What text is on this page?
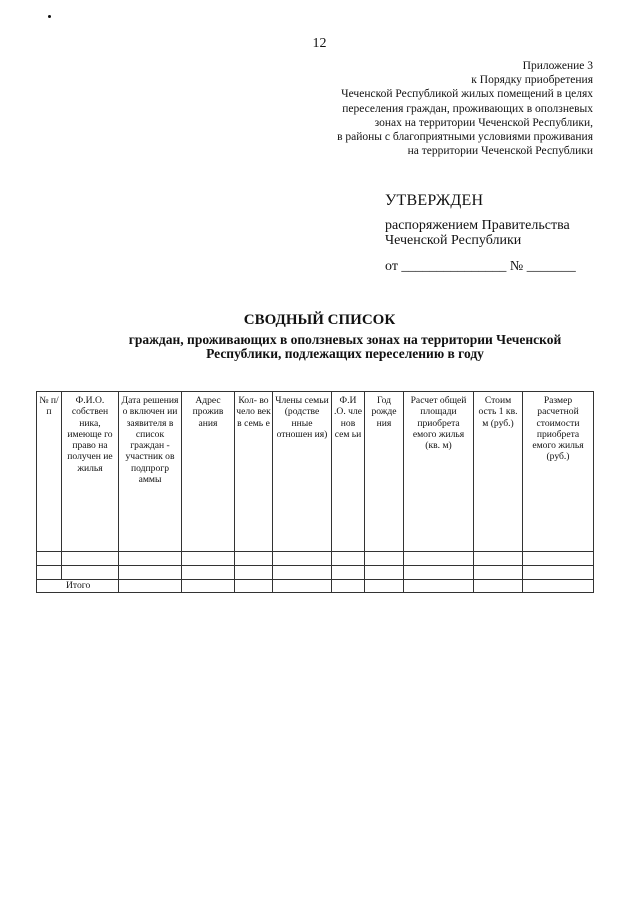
12
Приложение 3
к Порядку приобретения
Чеченской Республикой жилых помещений в целях
переселения граждан, проживающих в оползневых
зонах на территории Чеченской Республики,
в районы с благоприятными условиями проживания
на территории Чеченской Республики
УТВЕРЖДЕН
распоряжением Правительства
Чеченской Республики
от _______________ № _______
СВОДНЫЙ СПИСОК
граждан, проживающих в оползневых зонах на территории Чеченской Республики, подлежащих переселению в году
№ п/ п	Ф.И.О. собствен ника, имеюще го право на получен ие жилья	Дата решения о включен ии заявителя в список граждан - участник ов подпрогр аммы	Адрес прожив ания	Кол- во чело век в семь е	Члены семьи (родстве нные отношен ия)	Ф.И .О. чле нов сем ьи	Год рожде ния	Расчет общей площади приобрета емого жилья (кв. м)	Стоим ость 1 кв. м (руб.)	Размер расчетной стоимости приобрета емого жилья (руб.)

Итого										
